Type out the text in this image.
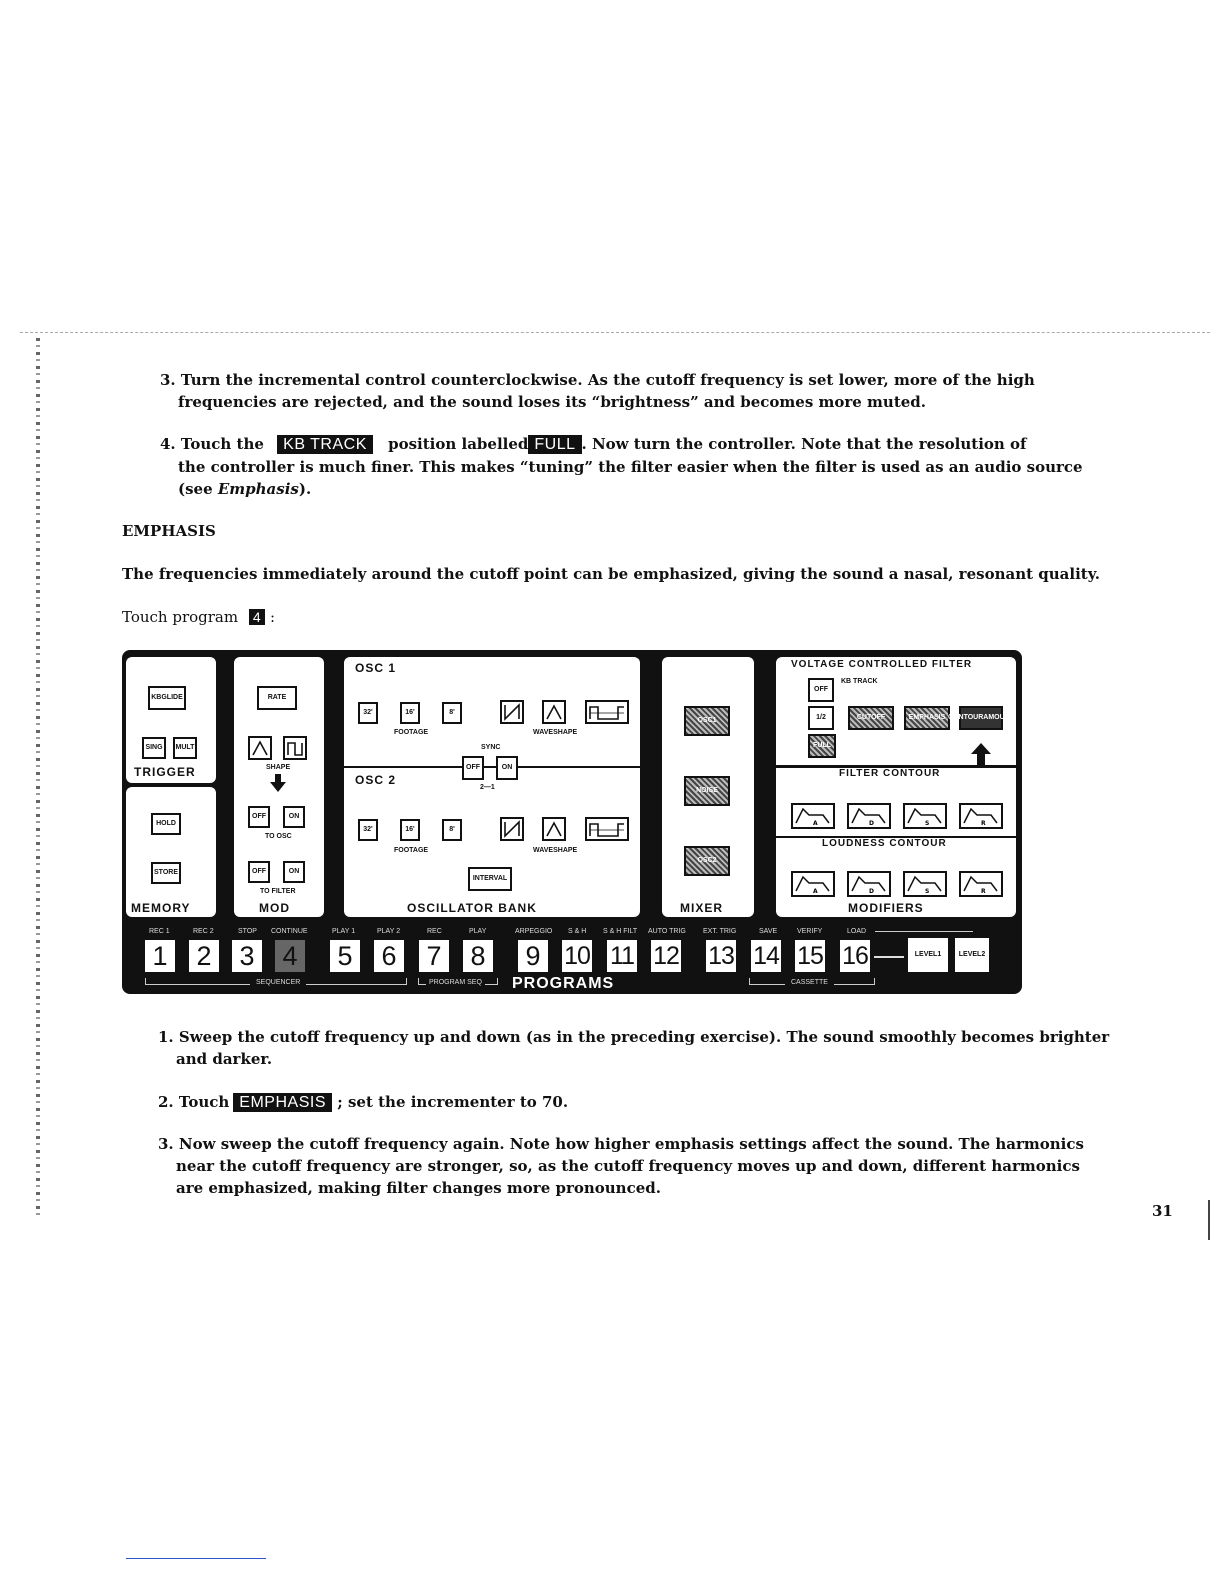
3. Turn the incremental control counterclockwise. As the cutoff frequency is set lower, more of the high
frequencies are rejected, and the sound loses its “brightness” and becomes more muted.
4. Touch the KB TRACK position labelled FULL . Now turn the controller. Note that the resolution of
the controller is much finer. This makes “tuning” the filter easier when the filter is used as an audio source
(see Emphasis).
EMPHASIS
The frequencies immediately around the cutoff point can be emphasized, giving the sound a nasal, resonant quality.
Touch program 4 :
KB GLIDE
SING	MULT
TRIGGER
HOLD
STORE
MEMORY
RATE
SHAPE
OFF	ON
TO OSC
OFF	ON
TO FILTER
MOD
OSC 1
32'	16'	8'
FOOTAGE	WAVESHAPE
SYNC
OFF	ON
2—1
OSC 2
32'	16'	8'
FOOTAGE	WAVESHAPE
INTERVAL
OSCILLATOR BANK
OSC1
NOISE
OSC2
MIXER
VOLTAGE CONTROLLED FILTER
OFF
KB TRACK
1/2
FULL
CUTOFF	EMPHASIS CONTOUR AMOUNT
FILTER CONTOUR
A	D	S	R
LOUDNESS CONTOUR
A	D	S	R
MODIFIERS
REC 1	REC 2	STOP CONTINUE	PLAY 1	PLAY 2	REC	PLAY	ARPEGGIO S & H S & H FILT AUTO TRIG EXT. TRIG	SAVE	VERIFY	LOAD
1 2 3 4 5 6 7 8 9 10 11 12 13 14 15 16	LEVEL 1	LEVEL 2
SEQUENCER	PROGRAM SEQ PROGRAMS	CASSETTE
1. Sweep the cutoff frequency up and down (as in the preceding exercise). The sound smoothly becomes brighter
and darker.
2. Touch EMPHASIS ; set the incrementer to 70.
3. Now sweep the cutoff frequency again. Note how higher emphasis settings affect the sound. The harmonics
near the cutoff frequency are stronger, so, as the cutoff frequency moves up and down, different harmonics
are emphasized, making filter changes more pronounced.
31
